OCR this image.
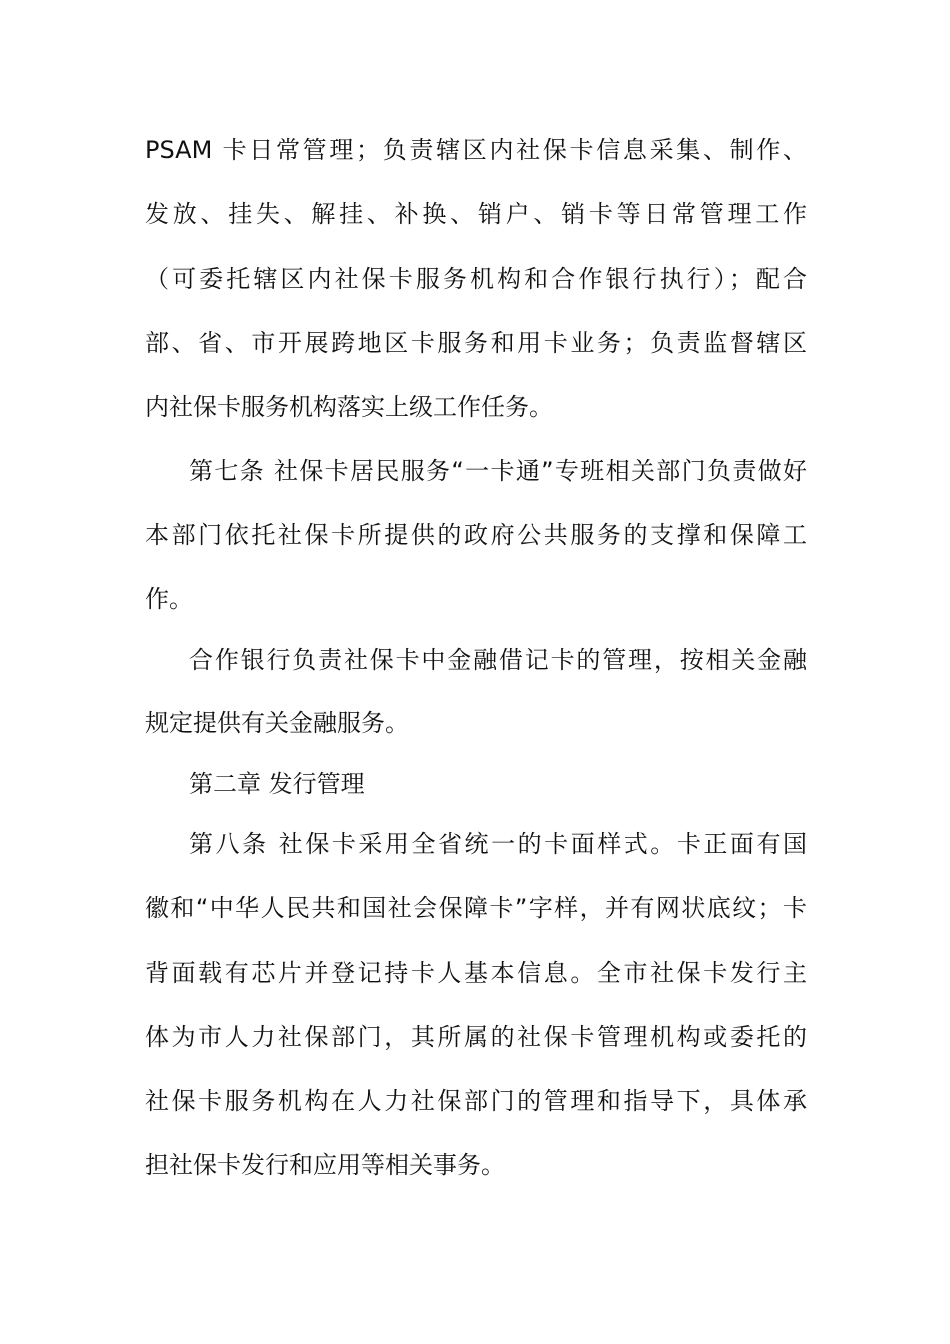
PSAM 卡日常管理；负责辖区内社保卡信息采集、制作、
发放、挂失、解挂、补换、销户、销卡等日常管理工作
（可委托辖区内社保卡服务机构和合作银行执行）；配合
部、省、市开展跨地区卡服务和用卡业务；负责监督辖区
内社保卡服务机构落实上级工作任务。
第七条 社保卡居民服务“一卡通”专班相关部门负责做好
本部门依托社保卡所提供的政府公共服务的支撑和保障工
作。
合作银行负责社保卡中金融借记卡的管理，按相关金融
规定提供有关金融服务。
第二章 发行管理
第八条 社保卡采用全省统一的卡面样式。卡正面有国
徽和“中华人民共和国社会保障卡”字样，并有网状底纹；卡
背面载有芯片并登记持卡人基本信息。全市社保卡发行主
体为市人力社保部门，其所属的社保卡管理机构或委托的
社保卡服务机构在人力社保部门的管理和指导下，具体承
担社保卡发行和应用等相关事务。
